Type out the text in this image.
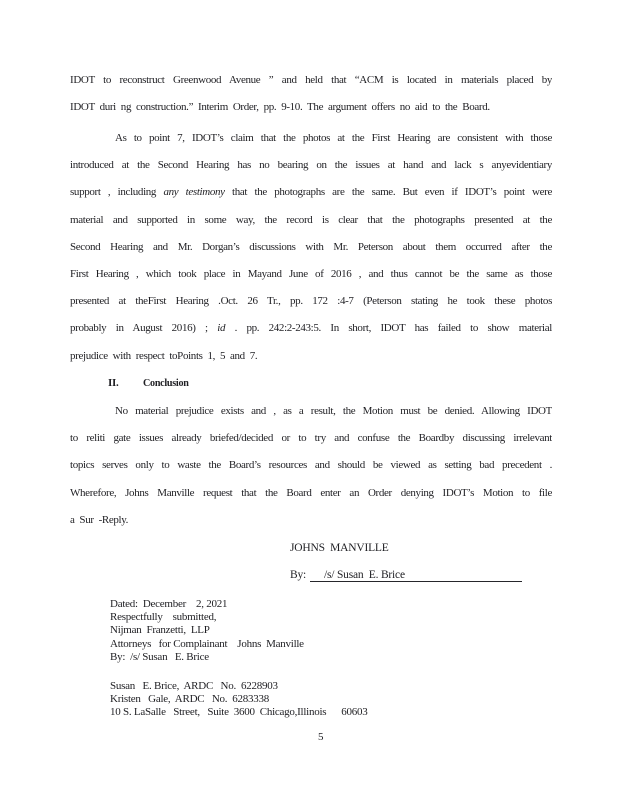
IDOT to reconstruct Greenwood Avenue ” and held that “ACM is located in materials placed by
IDOT duri ng construction.” Interim Order, pp. 9-10. The argument offers no aid to the Board.
As to point 7, IDOT’s claim that the photos at the First Hearing are consistent with those
introduced at the Second Hearing has no bearing on the issues at hand and lack s anyevidentiary
support , including any testimony that the photographs are the same. But even if IDOT’s point were
material and supported in some way, the record is clear that the photographs presented at the
Second Hearing and Mr. Dorgan’s discussions with Mr. Peterson about them occurred after the
First Hearing , which took place in Mayand June of 2016 , and thus cannot be the same as those
presented at theFirst Hearing .Oct. 26 Tr., pp. 172 :4-7 (Peterson stating he took these photos
probably in August 2016) ; id . pp. 242:2-243:5. In short, IDOT has failed to show material
prejudice with respect toPoints 1, 5 and 7.
II. Conclusion
No material prejudice exists and , as a result, the Motion must be denied. Allowing IDOT
to reliti gate issues already briefed/decided or to try and confuse the Boardby discussing irrelevant
topics serves only to waste the Board’s resources and should be viewed as setting bad precedent .
Wherefore, Johns Manville request that the Board enter an Order denying IDOT’s Motion to file
a Sur -Reply.
JOHNS  MANVILLE
By: /s/ Susan  E. Brice
Dated:  December    2, 2021
Respectfully    submitted,
Nijman  Franzetti,  LLP
Attorneys   for Complainant    Johns  Manville
By:  /s/ Susan   E. Brice
Susan   E. Brice,  ARDC   No.  6228903
Kristen   Gale,  ARDC   No.  6283338
10 S. LaSalle   Street,   Suite  3600  Chicago,Illinois      60603
5
